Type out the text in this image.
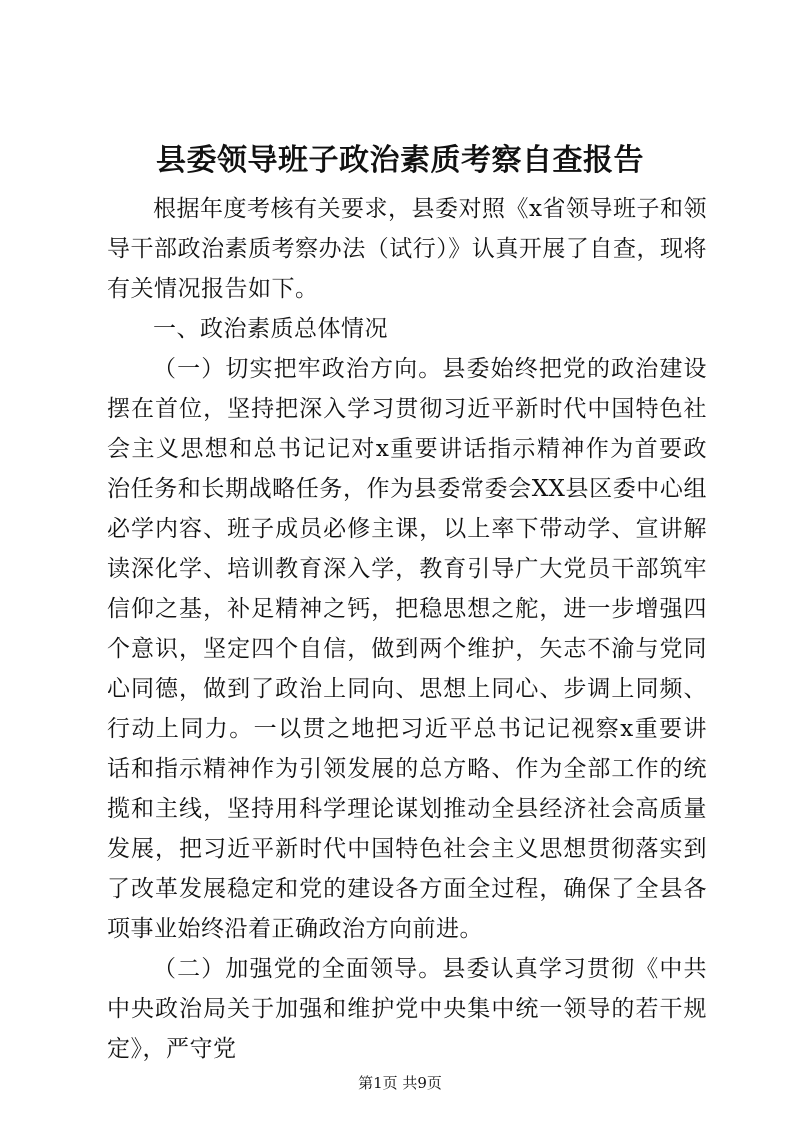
县委领导班子政治素质考察自查报告

根据年度考核有关要求，县委对照《x省领导班子和领导干部政治素质考察办法（试行）》认真开展了自查，现将有关情况报告如下。

一、政治素质总体情况

（一）切实把牢政治方向。县委始终把党的政治建设摆在首位，坚持把深入学习贯彻习近平新时代中国特色社会主义思想和总书记记对x重要讲话指示精神作为首要政治任务和长期战略任务，作为县委常委会XX县区委中心组必学内容、班子成员必修主课，以上率下带动学、宣讲解读深化学、培训教育深入学，教育引导广大党员干部筑牢信仰之基，补足精神之钙，把稳思想之舵，进一步增强四个意识，坚定四个自信，做到两个维护，矢志不渝与党同心同德，做到了政治上同向、思想上同心、步调上同频、行动上同力。一以贯之地把习近平总书记记视察x重要讲话和指示精神作为引领发展的总方略、作为全部工作的统揽和主线，坚持用科学理论谋划推动全县经济社会高质量发展，把习近平新时代中国特色社会主义思想贯彻落实到了改革发展稳定和党的建设各方面全过程，确保了全县各项事业始终沿着正确政治方向前进。

（二）加强党的全面领导。县委认真学习贯彻《中共中央政治局关于加强和维护党中央集中统一领导的若干规定》，严守党

第1页 共9页
